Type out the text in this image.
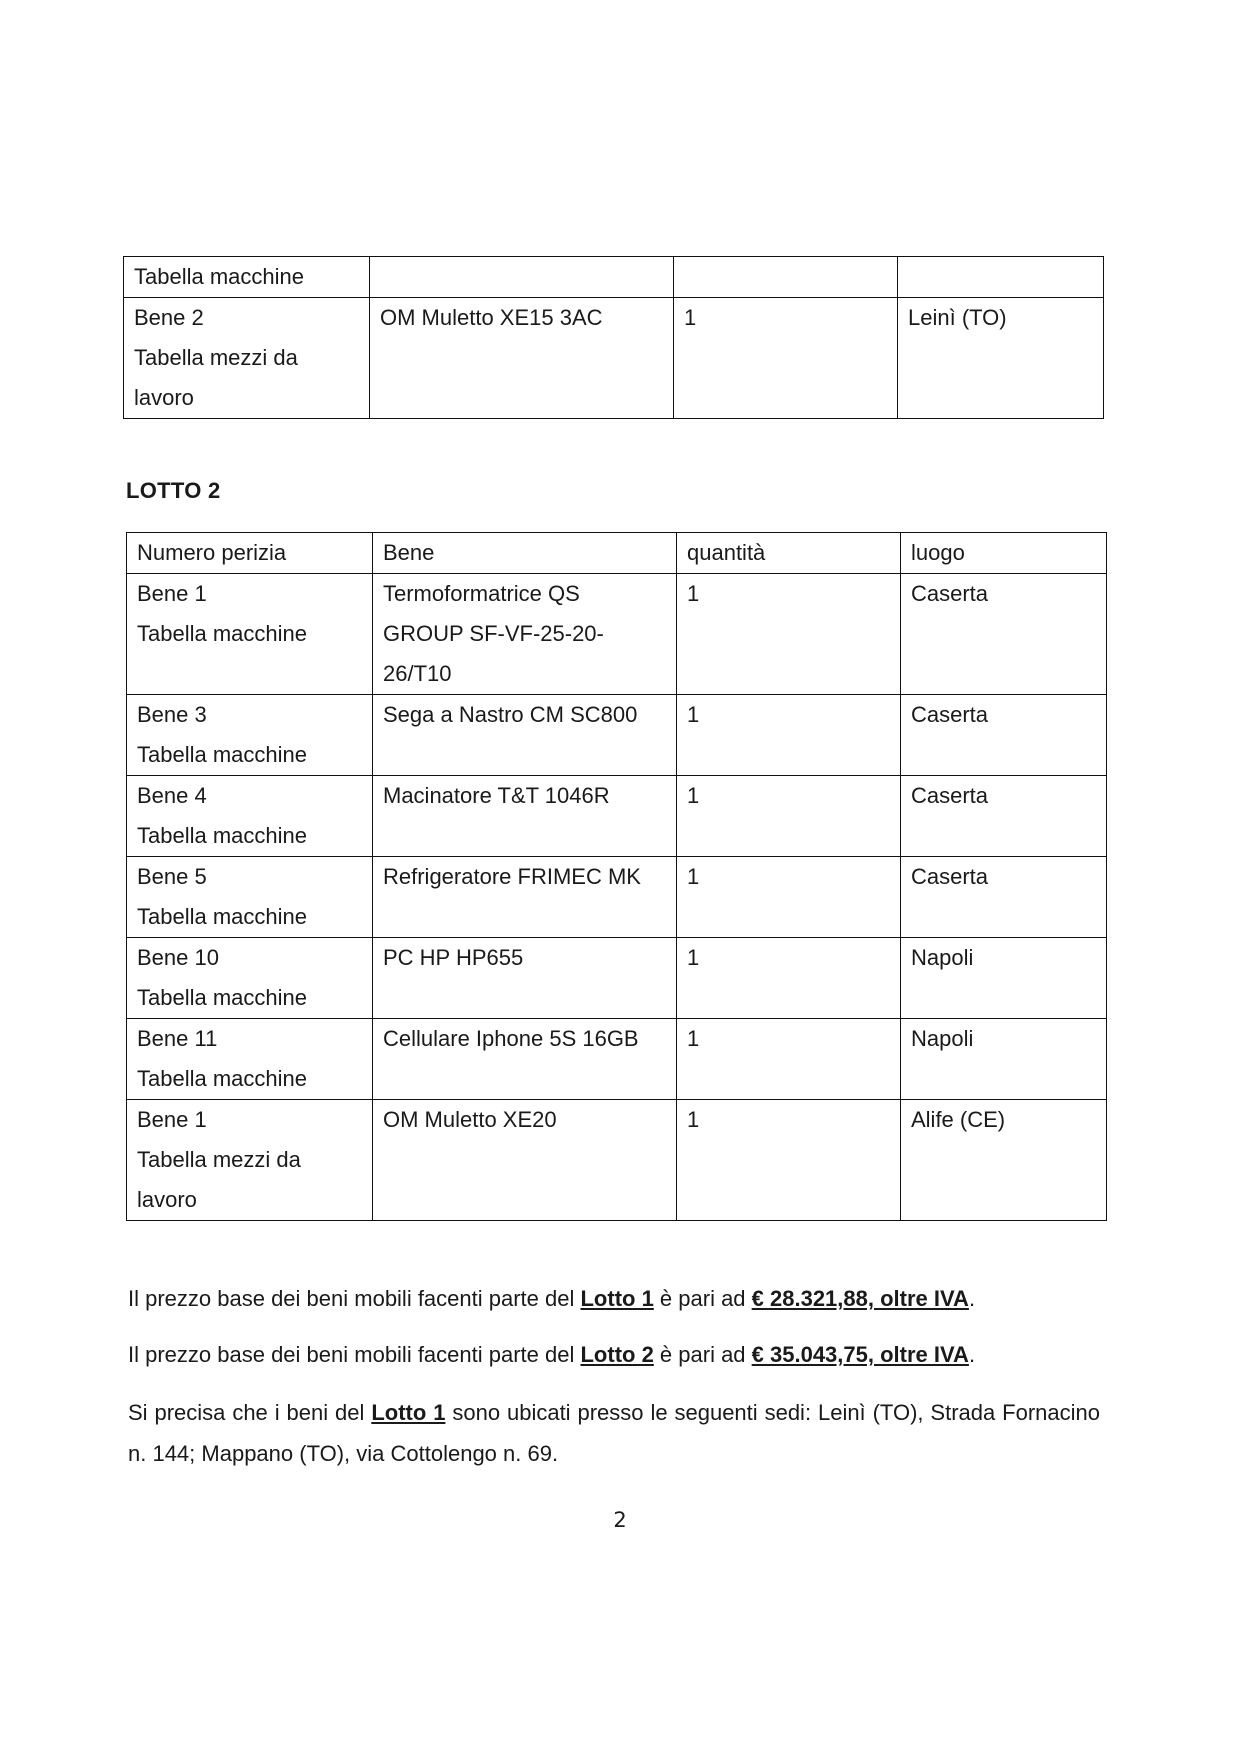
Tabella macchine

Bene 2
Tabella mezzi da
lavoro	OM Muletto XE15 3AC	1	Leinì (TO)
LOTTO 2
Numero perizia	Bene	quantità	luogo

Bene 1
Tabella macchine	Termoformatrice QS
GROUP SF-VF-25-20-
26/T10	1	Caserta

Bene 3
Tabella macchine	Sega a Nastro CM SC800	1	Caserta

Bene 4
Tabella macchine	Macinatore T&T 1046R	1	Caserta

Bene 5
Tabella macchine	Refrigeratore FRIMEC MK	1	Caserta

Bene 10
Tabella macchine	PC HP HP655	1	Napoli

Bene 11
Tabella macchine	Cellulare Iphone 5S 16GB	1	Napoli

Bene 1
Tabella mezzi da
lavoro	OM Muletto XE20	1	Alife (CE)

Il prezzo base dei beni mobili facenti parte del Lotto 1 è pari ad € 28.321,88, oltre IVA.

Il prezzo base dei beni mobili facenti parte del Lotto 2 è pari ad € 35.043,75, oltre IVA.

Si precisa che i beni del Lotto 1 sono ubicati presso le seguenti sedi: Leinì (TO), Strada Fornacino n. 144; Mappano (TO), via Cottolengo n. 69.

2
